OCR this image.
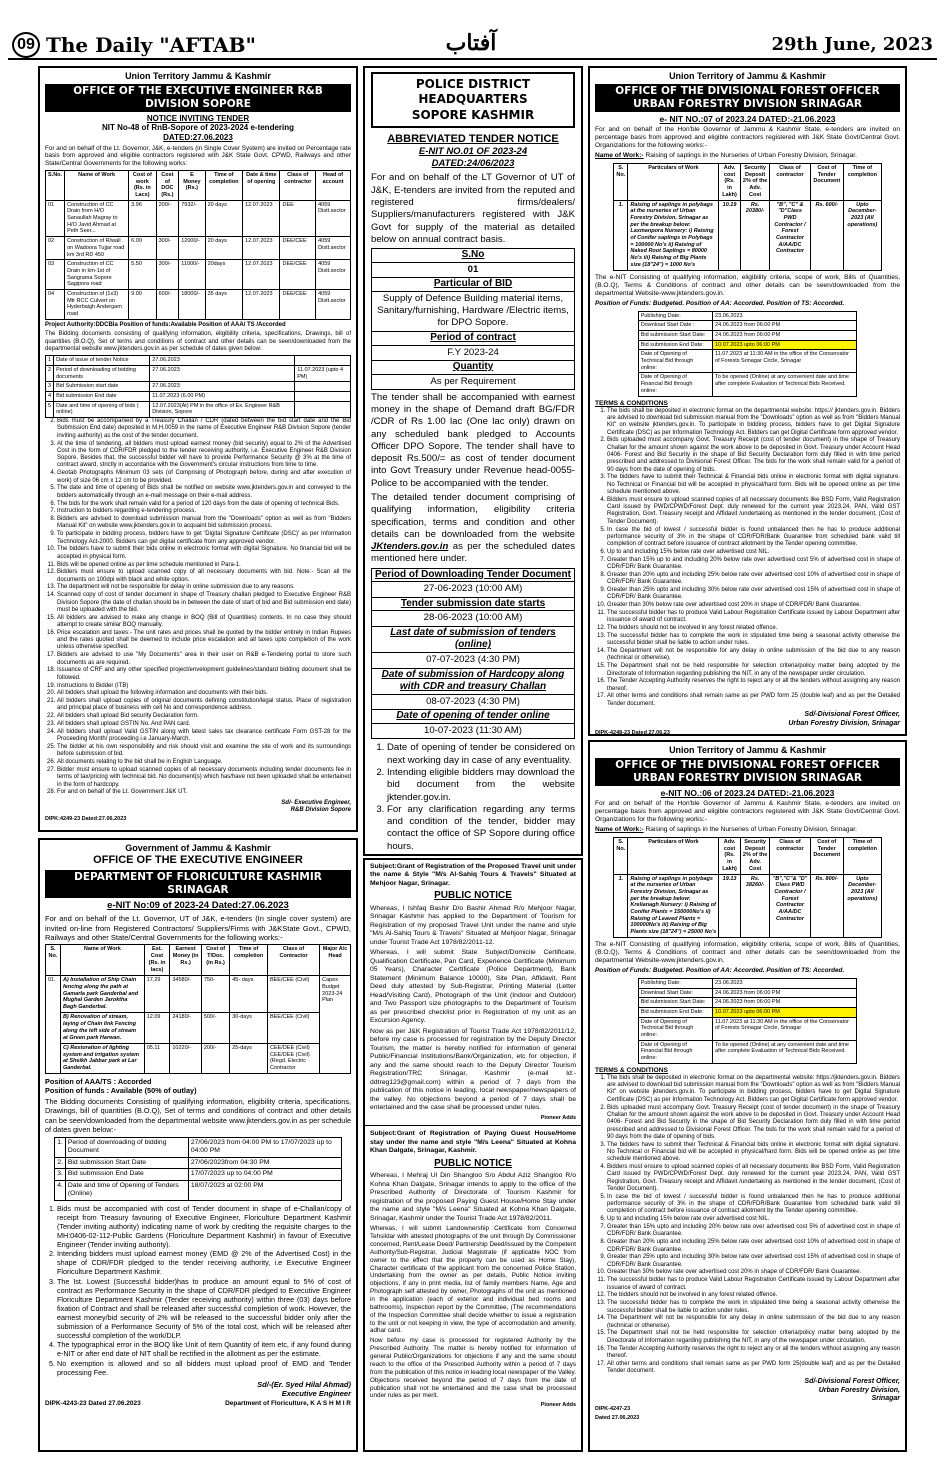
09 The Daily "AFTAB"	آفتاب	29th June, 2023
Union Territory Jammu & Kashmir
OFFICE OF THE EXECUTIVE ENGINEER R&B DIVISION SOPORE
NOTICE INVITING TENDER
NIT No-48 of RnB-Sopore of 2023-2024 e-tendering
DATED:27.06.2023
For and on behalf of the Lt. Governor, J&K, e-tenders (in Single Cover System) are invited on Percentage rate basis from approved and eligible contractors registered with J&K State Govt. CPWD, Railways and other State/Central Governments for the following works:
S.No.	Name of Work	Cost of work (Rs. in Lacs)	Cost of DOC (Rs.)	E Money (Rs.)	Time of completion	Date & time of opening	Class of contractor	Head of account
01	Construction of CC Drain from H/O Sanaullah Magray to H/O Javid Ahmad at Peth Seer...	3.96	200/-	7932/-	20 days	12.07.2023	DEE	4059 Distt.sector
02	Construction of R/wall on Wadoora Tujjar road km 3rd RD 450	6.00	300/-	12000/-	20 days	12.07.2023	DEE/CEE	4059 Distt.sector
03	Construction of CC Drain in km-1st of Sangrama Sopore Sagipora road	5.50	300/-	11000/-	20days	12.07.2023	DEE/CEE	4059 Distt.sector
04	Construction of (1x3) Mtr RCC Culvert on Hyderbaigh Andergam road	9.00	600/-	18000/-	35 days	12.07.2023	DEE/CEE	4059 Distt.sector
Project Authority:DDCBla Position of funds:Available Position of AAA/ TS /Accorded
The Bidding documents consisting of qualifying information, eligibility criteria, specifications, Drawings, bill of quantities (B.O.Q), Set of terms and conditions of contract and other details can be seen/downloaded from the departmental website www.jktenders.gov.in as per schedule of dates given below:
1	Date of issue of tender Notice	27.06.2023	
2	Period of downloading of bidding documents	27.06.2023	11.07.2023 (upto 4 PM)
3	Bid Submission start date	27.06.2023	
4	Bid submission End date	11.07.2023 (6.00 PM)	
5	Date and time of opening of bids ( online)	12.07.2023(At) PM in the office of Ex. Engineer R&B Division, Sopore	
2. Bids must be accompanied by a Treasury Challan / CDR (dated between the bid start date and the Bid Submission End date) deposited in M.H.0059 in the name of Executive Engineer R&B Division Sopore (tender inviting authority) as the cost of the tender document.
3. At the time of tendering, all bidders must upload earnest money (bid security) equal to 2% of the Advertised Cost in the form of CDR/FDR pledged to the tender receiving authority, i.e. Executive Engineer R&B Division Sopore. Besides that, the successful bidder will have to provide Performance Security @ 3% at the time of contract award, strictly in accordance with the Government's circular instructions from time to time.
4. Geotab Photographs Minimum 03 sets (of Comprising of Photograph before, during and after execution of work) of size 06 cm x 12 cm to be provided.
5. The date and time of opening of Bids shall be notified on website www.jktenders.gov.in and conveyed to the bidders automatically through an e-mail message on their e-mail address.
6. The bids for the work shall remain valid for a period of 120 days from the date of opening of technical Bids.
7. Instruction to bidders regarding e-tendering process.
8. Bidders are advised to download submission manual from the "Downloads" option as well as from "Bidders Manual Kit" on website www.jktenders.gov.in to acquaint bid submission process.
9. To participate in bidding process, bidders have to get 'Digital Signature Certificate (DSC)' as per Information Technology Act-2000. Bidders can get digital certificate from any approved vendor.
10. The bidders have to submit their bids online in electronic format with digital Signature. No financial bid will be accepted in physical form.
11. Bids will be opened online as per time schedule mentioned in Para-1.
12. Bidders must ensure to upload scanned copy of all necessary documents with bid. Note:- Scan all the documents on 100dpi with black and white option.
13. The department will not be responsible for delay in online submission due to any reasons.
14. Scanned copy of cost of tender document in shape of Treasury challan pledged to Executive Engineer R&B Division Sopore (the date of challan should be in between the date of start of bid and Bid submission end date) must be uploaded with the bid.
15. All bidders are advised to make any change in BOQ (Bill of Quantities) contents. In no case they should attempt to create similar BOQ manually.
16. Price escalation and taxes:- The unit rates and prices shall be quoted by the bidder entirely in Indian Rupees and the rates quoted shall be deemed to include price escalation and all taxes upto completion of the work unless otherwise specified.
17. Bidders are advised to use "My Documents" area in their user on R&B e-Tendering portal to store such documents as are required.
18. Issuance of CRF and any other specified project/envelopment guidelines/standard bidding document shall be followed.
19. Instructions to Bidder (ITB)
20. All bidders shall upload the following information and documents with their bids.
21. All bidders shall upload copies of original documents defining constitution/legal status. Place of registration and principal place of business with cell No and correspondence address.
22. All bidders shall upload Bid security Declaration form.
23. All bidders shall upload GSTIN No. And PAN card.
24. All bidders shall upload Valid GSTIN along with latest sales tax clearance certificate Form GST-28 for the Proceeding Month/ proceeding i.e January-March.
25. The bidder at his own responsibility and risk should visit and examine the site of work and its surroundings before submission of bid.
26. All documents relating to the bid shall be in English Language.
27. Bidder must ensure to upload scanned copies of all necessary documents including tender documents fee in terms of tax/pricing with technical bid. No document(s) which has/have not been uploaded shall be entertained in the form of hardcopy.
28. For and on behalf of the Lt. Government J&K UT.
Sd/- Executive Engineer,
R&B Division Sopore
DIPK:4249-23 Dated:27.06.2023
Government of Jammu & Kashmir
OFFICE OF THE EXECUTIVE ENGINEER
DEPARTMENT OF FLORICULTURE KASHMIR SRINAGAR
e-NIT No:09 of 2023-24 Dated:27.06.2023
For and on behalf of the Lt. Governor, UT of J&K, e-tenders (In single cover system) are invited on-line from Registered Contractors/ Suppliers/Firms with J&KState Govt., CPWD, Railways and other State/Central Governments for the following works:-
S. No.	Name of Work	Est. Cost (Rs. in lacs)	Earnest Money (in Rs.)	Cost of T/Doc. (in Rs.)	Time of completion	Class of Contractor	Major A/c Head
01.	A) Installation of Ship Chain fencing along the path at Gamarla park Ganderbal and Mughal Garden Jaroktha Bagh Ganderbal.	17.29	34580/-	750-	45- days	BEE/CEE (Civil)	Capex Budget 2023-24 Plan
	B) Renovation of stream, laying of Chain link Fencing along the left side of stream at Green park Harwan.	12.09	24180/-	500/-	30-days	BEE/CEE (Civil)	
	C) Restoration of lighting system and irrigation system at Sheikh Jabbar park at Lar Ganderbal.	05.11	10220/-	200/-	25-days	CEE/DEE (Civil) CEE/DEE (Civil) (Regd. Electric Contractor	
Position of AAA/TS : Accorded
Position of funds : Available (50% of outlay)
The Bidding documents Consisting of qualifying information, eligibility criteria, specifications, Drawings, bill of quantities (B.O.Q), Set of terms and conditions of contract and other details can be seen/downloaded from the departmental website www.jktenders.gov.in as per schedule of dates given below:-
1.	Period of downloading of bidding Document	27/06/2023 from 04:00 PM to 17/07/2023 up to 04:00 PM
2.	Bid submission Start Date	27/06/2023from 04:30 PM
3.	Bid submission End Date	17/07/2023 up to 04:00 PM
4.	Date and time of Opening of Tenders (Online)	18/07/2023 at 02:00 PM
1. Bids must be accompanied with cost of Tender document in shape of e-Challan/copy of receipt from Treasury favouring of Executive Engineer, Floriculture Department Kashmir (Tender inviting authority) indicating name of work by crediting the requisite charges to the MH:0406-02-112-Public Gardens (Floriculture Department Kashmir) in favour of Executive Engineer (Tender inviting authority).
2. Intending bidders must upload earnest money (EMD @ 2% of the Advertised Cost) in the shape of CDR/FDR pledged to the tender receiving authority, i.e Executive Engineer Floriculture Department Kashmir.
3. The Ist. Lowest (Successful bidder)has to produce an amount equal to 5% of cost of contract as Performance Security in the shape of CDR/FDR pledged to Executive Engineer Floriculture Department Kashmir (Tender receiving authority) within three (03) days before fixation of Contract and shall be released after successful completion of work. However, the earnest money/bid security of 2% will be released to the successful bidder only after the submission of a Performance Security of 5% of the total cost, which will be released after successful completion of the work/DLP.
4. The typographical error in the BOQ like Unit of item Quantity of item etc, if any found during e-NIT or after end date of NIT shall be rectified in the allotment as per the estimate.
5. No exemption is allowed and so all bidders must upload proof of EMD and Tender processing Fee.
Sd/-(Er. Syed Hilal Ahmad)
Executive Engineer
DIPK-4243-23 Dated 27.06.2023	Department of Floriculture, K A S H M I R
POLICE DISTRICT HEADQUARTERS
SOPORE KASHMIR
ABBREVIATED TENDER NOTICE
E-NIT NO.01 OF 2023-24
DATED:24/06/2023
For and on behalf of the LT Governor of UT of J&K, E-tenders are invited from the reputed and registered firms/dealers/ Suppliers/manufacturers registered with J&K Govt for supply of the material as detailed below on annual contract basis.
S.No
01
Particular of BID
Supply of Defence Building material items, Sanitary/furnishing, Hardware /Electric items, for DPO Sopore.
Period of contract
F.Y 2023-24
Quantity
As per Requirement
The tender shall be accompanied with earnest money in the shape of Demand draft BG/FDR /CDR of Rs 1.00 lac (One lac only) drawn on any scheduled bank pledged to Accounts Officer DPO Sopore. The tender shall have to deposit Rs.500/= as cost of tender document into Govt Treasury under Revenue head-0055-Police to be accompanied with the tender.
The detailed tender document comprising of qualifying information, eligibility criteria specification, terms and condition and other details can be downloaded from the website JKtenders.gov.in as per the scheduled dates mentioned here under.
Period of Downloading Tender Document
27-06-2023 (10:00 AM)
Tender submission date starts
28-06-2023 (10:00 AM)
Last date of submission of tenders (online)
07-07-2023 (4:30 PM)
Date of submission of Hardcopy along with CDR and treasury Challan
08-07-2023 (4:30 PM)
Date of opening of tender online
10-07-2023 (11:30 AM)
1. Date of opening of tender be considered on next working day in case of any eventuality.
2. Intending eligible bidders may download the bid document from the website jktender.gov.in.
3. For any clarification regarding any terms and condition of the tender, bidder may contact the office of SP Sopore during office hours.
Subject:Grant of Registration of the Proposed Travel unit under the name & Style "M/s Al-Sahiq Tours & Travels" Situated at Mehjoor Nagar, Srinagar.
PUBLIC NOTICE
Whereas, I Ishfaq Bashir D/o Bashir Ahmad R/o Mehjoor Nagar, Srinagar Kashmir has applied to the Department of Tourism for Registration of my proposed Travel Unit under the name and style "M/s Al-Sahiq Tours & Travels" Situated at Mehjoor Nagar, Srinagar under Tourist Trade Act 1978/82/2011-12.
Whereas, I will submit State Subject/Domicile Certificate, Qualification Certificate, Pan Card, Experience Certificate (Minimum 05 Years), Character Certificate (Police Department), Bank Statement (Minimum Balance 10000), Site Plan, Affidavit, Rent Deed duly attested by Sub-Registrar, Printing Material (Letter Head/Visiting Card), Photograph of the Unit (Indoor and Outdoor) and Two Passport size photographs to the Department of Tourism as per prescribed checklist prior in Registration of my unit as an Excursion Agency.
Now as per J&K Registration of Tourist Trade Act 1978/82/2011/12, before my case is processed for registration by the Deputy Director Tourism, the matter is hereby notified for information of general Public/Financial Institutions/Bank/Organization, etc for objection, if any and the same should reach to the Deputy Director Tourism Registration/TRC Srinagar, Kashmir (e-mail Id:-ddtreg123@gmail.com) within a period of 7 days from the publication of this notice in leading, local newspaper/newspapers of the valley. No objections beyond a period of 7 days shall be entertained and the case shall be processed under rules.
Pioneer Adds
Subject:Grant of Registration of Paying Guest House/Home stay under the name and style "M/s Leena" Situated at Kohna Khan Dalgate, Srinagar, Kashmir.
PUBLIC NOTICE
Whereas, I Mehraj Ul Din Shangloo S/o Abdul Aziz Shangloo R/o Kohna Khan Dalgate, Srinagar intends to apply to the office of the Prescribed Authority of Directorate of Tourism Kashmir for registration of the proposed Paying Guest House/Home Stay under the name and style "M/s Leena" Situated at Kohna Khan Dalgate, Srinagar, Kashmir under the Tourist Trade Act 1978/82/2011.
Whereas, I will submit Landownership Certificate from Concerned Tehsildar with attested photographs of the unit through Dy Commissioner concerned, Rent/Lease Deed/ Partnership Deed/issued by the Competent Authority/Sub-Registrar, Judicial Magistrate (if applicable NOC from owner to the effect that the property can be used as Home Stay), Character certificate of the applicant from the concerned Police Station, Undertaking from the owner as per details, Public Notice inviting objections, if any in print media, list of family members Name, Age and Photograph self attested by owner, Photographs of the unit as mentioned in the application (each of exterior and individual bed rooms and bathrooms), Inspection report by the Committee, (The recommendations of the Inspection Committee shall decide whether to issue a registration to the unit or not keeping in view, the type of accomodation and amenity, adhar card.
Now before my case is processed for registered Authority by the Prescribed Authority. The matter is hereby notified for information of general Public/Organizations for objections if any and the same should reach to the office of the Prescribed Authority within a period of 7 days from the publication of this notice in leading local newspaper of the Valley. Objections received beyond the period of 7 days from the date of publication shall not be entertained and the case shall be processed under rules as per merit.
Pioneer Adds
Union Territory of Jammu & Kashmir
OFFICE OF THE DIVISIONAL FOREST OFFICER URBAN FORESTRY DIVISION SRINAGAR
e- NIT NO.:07 of 2023.24 DATED:-21.06.2023
For and on behalf of the Hon'ble Governor of Jammu & Kashmir State, e-tenders are invited on percentage basis from approved and eligible contractors registered with J&K State Govt/Central Govt. Organizations for the following works:-
Name of Work:- Raising of saplings in the Nurseries of Urban Forestry Division, Srinagar.
S. No.	Particulars of Work	Adv. cost (Rs. in Lakh)	Security Deposit 2% of the Adv. Cost	Class of contractor	Cost of Tender Document	Time of completion
1.	Raising of saplings in polybags at the nurseries of Urban Forestry Division, Srinagar as per the breakup below: Laxmanpora Nursery: i) Raising of Conifer saplings in Polybags = 100000 No's ii) Raising of Naked Root Saplings = 80000 No's iii) Raising of Big Plants size (18"24") = 1000 No's	10.19	Rs. 20380/-	"B", "C" & "D"Class PWD Contractor / Forest Contractor A/AA/DC Contractor	Rs. 600/-	Upto December-2023 (All operations)
The e-NIT Consisting of qualifying information, eligibility criteria, scope of work, Bills of Quantities, (B.O.Q), Terms & Conditions of contract and other details can be seen/downloaded from the departmental Website-www.jktenders.gov.in.
Position of Funds: Budgeted. Position of AA: Accorded. Position of TS: Accorded.
Publishing Date:	23.06.2023
Download Start Date :	24.06.2023 from 06:00 PM
Bid submission Start Date:	24.06.2023 from 06:00 PM
Bid submission End Date:	10.07.2023 upto 06:00 PM
Date of Opening of Technical Bid through online:	11.07.2023 at 11:30 AM in the office of the Conservator of Forests Srinagar Circle, Srinagar
Date of Opening of Financial Bid through online:	To be opened (Online) at any convenient date and time after complete Evaluation of Technical Bids Received.
TERMS & CONDITIONS
1. The bids shall be deposited in electronic format on the departmental website: https:// jktenders.gov.in. Bidders are advised to download bid submission manual from the "Downloads" option as well as from "Bidders Manual Kit" on website jktenders.gov.in. To participate in bidding process, bidders have to get Digital Signature Certificate (DSC) as per Information Technology Act. Bidders can get Digital Certificate form approved vendor.
2. Bids uploaded must accompany Govt. Treasury Receipt (cost of tender document) in the shape of Treasury Challan for the amount shown against the work above to be deposited in Govt. Treasury under Account Head 0406- Forest and Bid Security in the shape of Bid Security Declaration form duly filled in with time period prescribed and addressed to Divisional Forest Officer. The bids for the work shall remain valid for a period of 90 days from the date of opening of bids.
3. The bidders have to submit their Technical & Financial bids online in electronic format with digital signature. No Technical or Financial bid will be accepted in physical/hard form. Bids will be opened online as per time schedule mentioned above.
4. Bidders must ensure to upload scanned copies of all necessary documents like BSD Form, Valid Registration Card issued by PWD/CPWD/Forest Dept. duly renewed for the current year 2023.24, PAN, Valid GST Registration, Govt. Treasury receipt and Affidavit /undertaking as mentioned in the tender document, (Cost of Tender Document).
5. In case the bid of lowest / successful bidder is found unbalanced then he has to produce additional performance security of 3% in the shape of CDR/FDR/Bank Guarantee from scheduled bank valid till completion of contract before issuance of contract allotment by the Tender opening committee.
6. Up to and including 15% below rate over advertised cost NIL.
7. Greater than 15% up to and including 20% below rate over advertised cost 5% of advertised cost in shape of CDR/FDR/ Bank Guarantee.
8. Greater than 20% upto and including 25% below rate over advertised cost 10% of advertised cost in shape of CDR/FDR/ Bank Guarantee.
9. Greater than 25% upto and including 30% below rate over advertised cost 15% of advertised cost in shape of CDR/FDR/ Bank Guarantee.
10. Greater than 30% below rate over advertised cost 20% in shape of CDR/FDR/ Bank Guarantee.
11. The successful bidder has to produce Valid Labour Registration Certificate issued by Labour Department after issuance of award of contract.
12. The bidders should not be involved in any forest related offence.
13. The successful bidder has to complete the work in stipulated time being a seasonal activity otherwise the successful bidder shall be liable to action under rules.
14. The Department will not be responsible for any delay in online submission of the bid due to any reason (technical or otherwise).
15. The Department shall not be held responsible for selection criteria/policy matter being adopted by the Directorate of Information regarding publishing the NIT, in any of the newspaper under circulation.
16. The Tender Accepting Authority reserves the right to reject any or all the tenders without assigning any reason thereof.
17. All other terms and conditions shall remain same as per PWD form 25 (double leaf) and as per the Detailed Tender document.
Sd/-Divisional Forest Officer,
Urban Forestry Division, Srinagar
DIPK-4248-23 Dated 27.06.23
Union Territory of Jammu & Kashmir
OFFICE OF THE DIVISIONAL FOREST OFFICER URBAN FORESTRY DIVISION SRINAGAR
e-NIT NO.:06 of 2023.24 DATED:-21.06.2023
For and on behalf of the Hon'ble Governor of Jammu & Kashmir State, e-tenders are invited on percentage basis from approved and eligible contractors registered with J&K State Govt/Central Govt. Organizations for the following works:-
Name of Work:- Raising of saplings in the Nurseries of Urban Forestry Division, Srinagar.
S. No.	Particulars of Work	Adv. cost (Rs. in Lakh)	Security Deposit 2% of the Adv. Cost	Class of contractor	Cost of Tender Document	Time of completion
1.	Raising of saplings in polybags at the nurseries of Urban Forestry Division, Srinagar as per the breakup below: Krelianagh Nursery: i) Raising of Conifer Plants = 150000No's ii) Raising of Leaved Plants = 100000No's iii) Raising of Big Plants size (18"24") = 25000 No's	19.13	Rs. 38260/-	"B","C"& "D" Class PWD Contractor / Forest Contractor A/AA/DC Contractor	Rs. 800/-	Upto December-2023 (All operations)
The e-NIT Consisting of qualifying information, eligibility criteria, scope of work, Bills of Quantities, (B.O.Q), Terms & Conditions of contract and other details can be seen/downloaded from the departmental Website-www.jktenders.gov.in.
Position of Funds: Budgeted. Position of AA: Accorded. Position of TS: Accorded.
Publishing Date:	23.06.2023
Download Start Date:	24.06.2023 from 06:00 PM
Bid submission Start Date:	24.06.2023 from 06:00 PM
Bid submission End Date:	10.07.2023 upto 06:00 PM
Date of Opening of Technical Bid through online:	11.07.2023 at 11:30 AM in the office of the Conservator of Forests Srinagar Circle, Srinagar
Date of Opening of Financial Bid through online:	To be opened (Online) at any convenient date and time after complete Evaluation of Technical Bids Received.
TERMS & CONDITIONS
1. The bids shall be deposited in electronic format on the departmental website: https://jktenders.gov.in. Bidders are advised to download bid submission manual from the "Downloads" option as well as from "Bidders Manual Kit" on website jktenders.gov.in. To participate in bidding process, bidders have to get Digital Signature Certificate (DSC) as per Information Technology Act. Bidders can get Digital Certificate form approved vendor.
2. Bids uploaded must accompany Govt. Treasury Receipt (cost of tender document) in the shape of Treasury Challan for the amount shown against the work above to be deposited in Govt. Treasury under Account Head 0406- Forest and Bid Security in the shape of Bid Security Declaration form duly filled in with time period prescribed and addressed to Divisional Forest Officer. The bids for the work shall remain valid for a period of 90 days from the date of opening of bids.
3. The bidders have to submit their Technical & Financial bids online in electronic format with digital signature. No Technical or Financial bid will be accepted in physical/hard form. Bids will be opened online as per time schedule mentioned above.
4. Bidders must ensure to upload scanned copies of all necessary documents like BSD Form, Valid Registration Card issued by PWD/CPWD/Forest Dept. duly renewed for the current year 2023.24, PAN, Valid GST Registration, Govt. Treasury receipt and Affidavit /undertaking as mentioned in the tender document, (Cost of Tender Document).
5. In case the bid of lowest / successful bidder is found unbalanced then he has to produce additional performance security of 3% in the shape of CDR/FDR/Bank Guarantee from scheduled bank valid till completion of contract before issuance of contract allotment by the Tender opening committee.
6. Up to and including 15% below rate over advertised cost NIL.
7. Greater than 15% upto and including 20% below rate over advertised cost 5% of advertised cost in shape of CDR/FDR/ Bank Guarantee.
8. Greater than 20% upto and including 25% below rate over advertised cost 10% of advertised cost in shape of CDR/FDR/ Bank Guarantee.
9. Greater than 25% upto and including 30% below rate over advertised cost 15% of advertised cost in shape of CDR/FDR/ Bank Guarantee.
10. Greater than 30% below rate over advertised cost 20% in shape of CDR/FDR/ Bank Guarantee.
11. The successful bidder has to produce Valid Labour Registration Certificate issued by Labour Department after issuance of award of contract.
12. The bidders should not be involved in any forest related offence.
13. The successful bidder has to complete the work in stipulated time being a seasonal activity otherwise the successful bidder shall be liable to action under rules.
14. The Department will not be responsible for any delay in online submission of the bid due to any reason (technical or otherwise).
15. The Department shall not be held responsible for selection criteria/policy matter being adopted by the Directorate of Information regarding publishing the NIT, in any of the newspaper under circulation.
16. The Tender Accepting Authority reserves the right to reject any or all the tenders without assigning any reason thereof.
17. All other terms and conditions shall remain same as per PWD form 25(double leaf) and as per the Detailed Tender document.
Sd/-Divisional Forest Officer,
Urban Forestry Division,
Srinagar
DIPK-4247-23
Dated 27.06.2023
